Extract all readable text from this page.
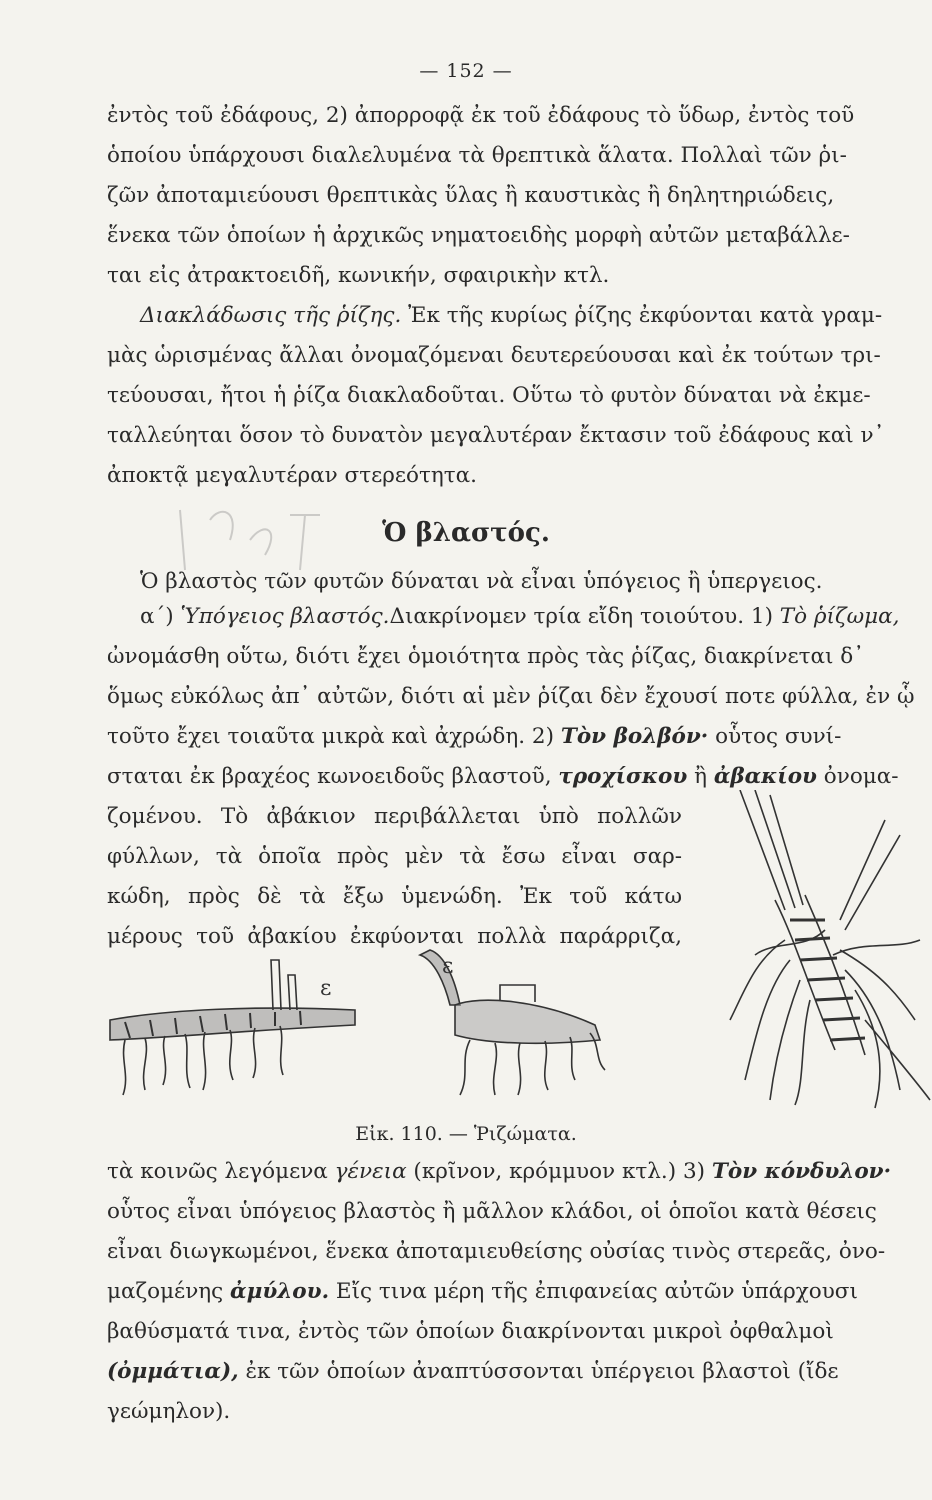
— 152 —
ἐντὸς τοῦ ἐδάφους, 2) ἀπορροφᾷ ἐκ τοῦ ἐδάφους τὸ ὕδωρ, ἐντὸς τοῦ
ὁποίου ὑπάρχουσι διαλελυμένα τὰ θρεπτικὰ ἅλατα. Πολλαὶ τῶν ῥι-
ζῶν ἀποταμιεύουσι θρεπτικὰς ὕλας ἢ καυστικὰς ἢ δηλητηριώδεις,
ἕνεκα τῶν ὁποίων ἡ ἀρχικῶς νηματοειδὴς μορφὴ αὐτῶν μεταβάλλε-
ται εἰς ἀτρακτοειδῆ, κωνικήν, σφαιρικὴν κτλ.
Διακλάδωσις τῆς ῥίζης. Ἐκ τῆς κυρίως ῥίζης ἐκφύονται κατὰ γραμ-
μὰς ὡρισμένας ἄλλαι ὀνομαζόμεναι δευτερεύουσαι καὶ ἐκ τούτων τρι-
τεύουσαι, ἤτοι ἡ ῥίζα διακλαδοῦται. Οὕτω τὸ φυτὸν δύναται νὰ ἐκμε-
ταλλεύηται ὅσον τὸ δυνατὸν μεγαλυτέραν ἔκτασιν τοῦ ἐδάφους καὶ ν᾽
ἀποκτᾷ μεγαλυτέραν στερεότητα.
Ὁ βλαστός.
Ὁ βλαστὸς τῶν φυτῶν δύναται νὰ εἶναι ὑπόγειος ἢ ὑπεργειος.
α΄) Ὑπόγειος βλαστός.Διακρίνομεν τρία εἴδη τοιούτου. 1) Τὸ ῥίζωμα,
ὠνομάσθη οὕτω, διότι ἔχει ὁμοιότητα πρὸς τὰς ῥίζας, διακρίνεται δ᾽
ὅμως εὐκόλως ἀπ᾽ αὐτῶν, διότι αἱ μὲν ῥίζαι δὲν ἔχουσί ποτε φύλλα, ἐν ᾧ
τοῦτο ἔχει τοιαῦτα μικρὰ καὶ ἀχρώδη. 2) Τὸν βολβόν· οὗτος συνί-
σταται ἐκ βραχέος κωνοειδοῦς βλαστοῦ, τροχίσκου ἢ ἀβακίου ὀνομα-
ζομένου. Τὸ ἀβάκιον περιβάλλεται ὑπὸ πολλῶν
φύλλων, τὰ ὁποῖα πρὸς μὲν τὰ ἔσω εἶναι σαρ-
κώδη, πρὸς δὲ τὰ ἔξω ὑμενώδη. Ἐκ τοῦ κάτω
μέρους τοῦ ἀβακίου ἐκφύονται πολλὰ παράρριζα,
ε
ε
Εἰκ. 110. — Ῥιζώματα.
τὰ κοινῶς λεγόμενα γένεια (κρῖνον, κρόμμυον κτλ.) 3) Τὸν κόνδυλον·
οὗτος εἶναι ὑπόγειος βλαστὸς ἢ μᾶλλον κλάδοι, οἱ ὁποῖοι κατὰ θέσεις
εἶναι διωγκωμένοι, ἕνεκα ἀποταμιευθείσης οὐσίας τινὸς στερεᾶς, ὀνο-
μαζομένης ἀμύλου. Εἴς τινα μέρη τῆς ἐπιφανείας αὐτῶν ὑπάρχουσι
βαθύσματά τινα, ἐντὸς τῶν ὁποίων διακρίνονται μικροὶ ὀφθαλμοὶ
(ὀμμάτια), ἐκ τῶν ὁποίων ἀναπτύσσονται ὑπέργειοι βλαστοὶ (ἴδε
γεώμηλον).
